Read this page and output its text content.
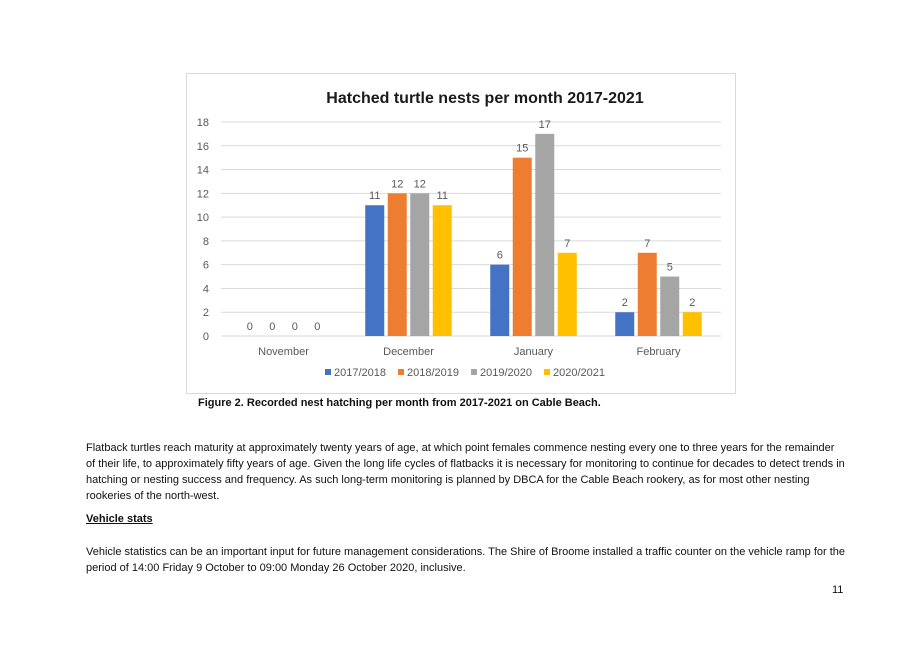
Hatched turtle nests per month 2017-2021
0
2
4
6
8
10
12
14
16
18
0 0 0 0
November
11
12 12
11
December
6
15
17
7
January
2
7
5
2
February
2017/2018 2018/2019 2019/2020 2020/2021
Figure 2. Recorded nest hatching per month from 2017-2021 on Cable Beach.
Flatback turtles reach maturity at approximately twenty years of age, at which point females commence nesting every one to three years for the remainder of their life, to approximately fifty years of age. Given the long life cycles of flatbacks it is necessary for monitoring to continue for decades to detect trends in hatching or nesting success and frequency. As such long-term monitoring is planned by DBCA for the Cable Beach rookery, as for most other nesting rookeries of the north-west.
Vehicle stats
Vehicle statistics can be an important input for future management considerations. The Shire of Broome installed a traffic counter on the vehicle ramp for the period of 14:00 Friday 9 October to 09:00 Monday 26 October 2020, inclusive.
11
